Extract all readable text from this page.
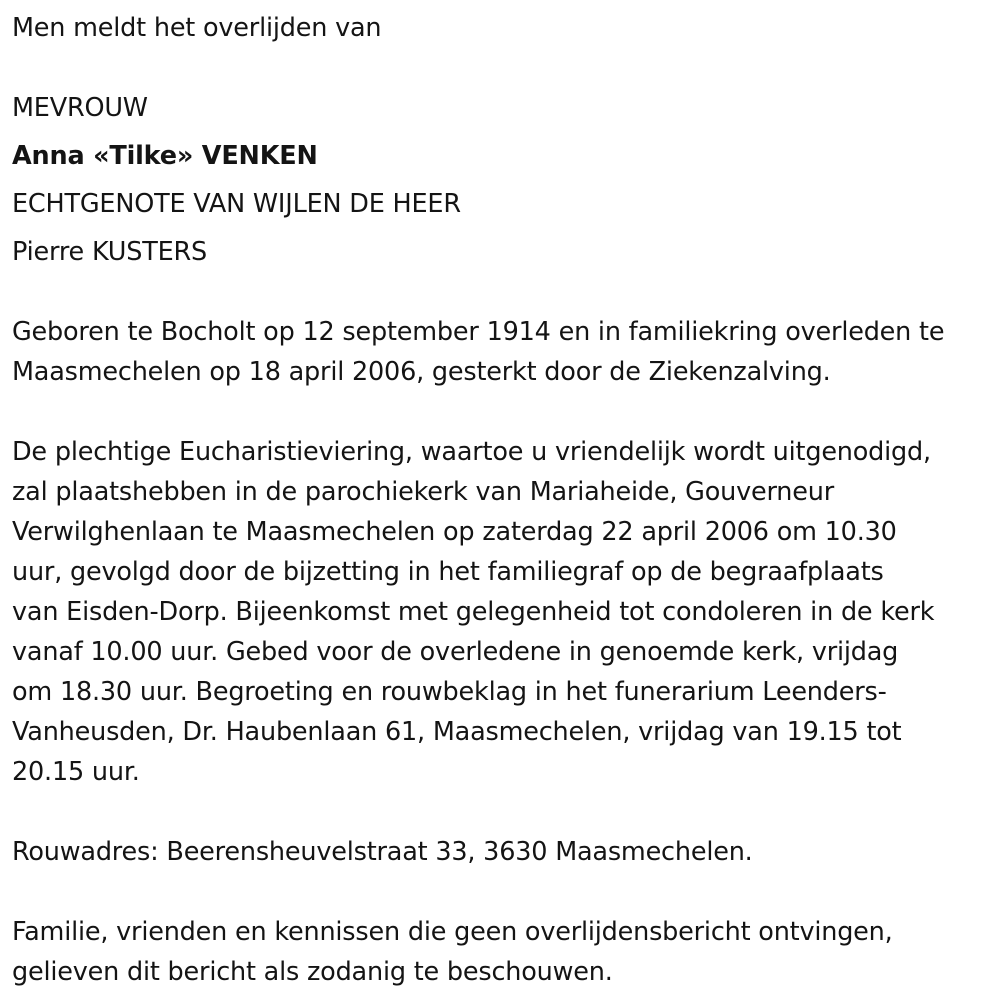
Men meldt het overlijden van

MEVROUW

Anna «Tilke» VENKEN

ECHTGENOTE VAN WIJLEN DE HEER

Pierre KUSTERS

Geboren te Bocholt op 12 september 1914 en in familiekring overleden te
Maasmechelen op 18 april 2006, gesterkt door de Ziekenzalving.
De plechtige Eucharistieviering, waartoe u vriendelijk wordt uitgenodigd,
zal plaatshebben in de parochiekerk van Mariaheide, Gouverneur
Verwilghenlaan te Maasmechelen op zaterdag 22 april 2006 om 10.30
uur, gevolgd door de bijzetting in het familiegraf op de begraafplaats
van Eisden-Dorp. Bijeenkomst met gelegenheid tot condoleren in de kerk
vanaf 10.00 uur. Gebed voor de overledene in genoemde kerk, vrijdag
om 18.30 uur. Begroeting en rouwbeklag in het funerarium Leenders-
Vanheusden, Dr. Haubenlaan 61, Maasmechelen, vrijdag van 19.15 tot
20.15 uur.

Rouwadres: Beerensheuvelstraat 33, 3630 Maasmechelen.

Familie, vrienden en kennissen die geen overlijdensbericht ontvingen,
gelieven dit bericht als zodanig te beschouwen.
